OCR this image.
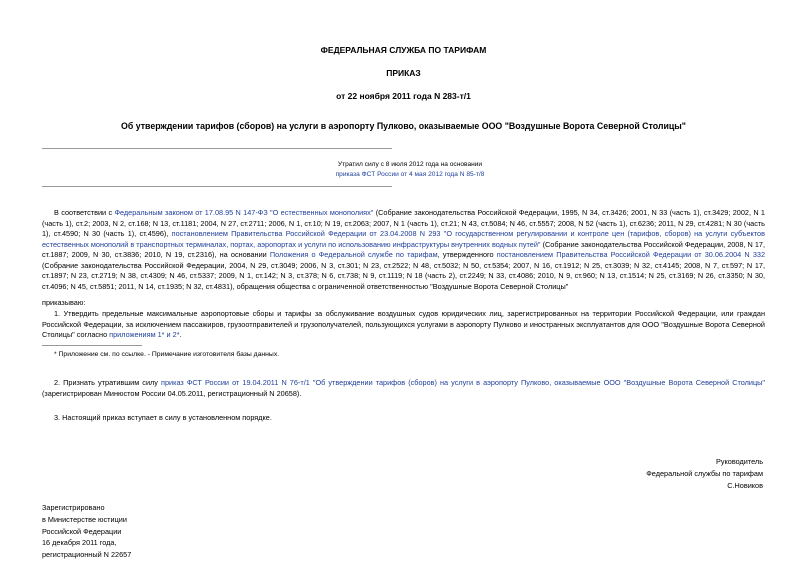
ФЕДЕРАЛЬНАЯ СЛУЖБА ПО ТАРИФАМ
ПРИКАЗ
от 22 ноября 2011 года N 283-т/1
Об утверждении тарифов (сборов) на услуги в аэропорту Пулково, оказываемые ООО "Воздушные Ворота Северной Столицы"
Утратил силу с 8 июля 2012 года на основании
приказа ФСТ России от 4 мая 2012 года N 85-т/8
В соответствии с Федеральным законом от 17.08.95 N 147-ФЗ "О естественных монополиях" (Собрание законодательства Российской Федерации, 1995, N 34, ст.3426; 2001, N 33 (часть 1), ст.3429; 2002, N 1 (часть 1), ст.2; 2003, N 2, ст.168; N 13, ст.1181; 2004, N 27, ст.2711; 2006, N 1, ст.10; N 19, ст.2063; 2007, N 1 (часть 1), ст.21; N 43, ст.5084; N 46, ст.5557; 2008, N 52 (часть 1), ст.6236; 2011, N 29, ст.4281; N 30 (часть 1), ст.4590; N 30 (часть 1), ст.4596), постановлением Правительства Российской Федерации от 23.04.2008 N 293 "О государственном регулировании и контроле цен (тарифов, сборов) на услуги субъектов естественных монополий в транспортных терминалах, портах, аэропортах и услуги по использованию инфраструктуры внутренних водных путей" (Собрание законодательства Российской Федерации, 2008, N 17, ст.1887; 2009, N 30, ст.3836; 2010, N 19, ст.2316), на основании Положения о Федеральной службе по тарифам, утвержденного постановлением Правительства Российской Федерации от 30.06.2004 N 332 (Собрание законодательства Российской Федерации, 2004, N 29, ст.3049; 2006, N 3, ст.301; N 23, ст.2522; N 48, ст.5032; N 50, ст.5354; 2007, N 16, ст.1912; N 25, ст.3039; N 32, ст.4145; 2008, N 7, ст.597; N 17, ст.1897; N 23, ст.2719; N 38, ст.4309; N 46, ст.5337; 2009, N 1, ст.142; N 3, ст.378; N 6, ст.738; N 9, ст.1119; N 18 (часть 2), ст.2249; N 33, ст.4086; 2010, N 9, ст.960; N 13, ст.1514; N 25, ст.3169; N 26, ст.3350; N 30, ст.4096; N 45, ст.5851; 2011, N 14, ст.1935; N 32, ст.4831), обращения общества с ограниченной ответственностью "Воздушные Ворота Северной Столицы"
приказываю:
1. Утвердить предельные максимальные аэропортовые сборы и тарифы за обслуживание воздушных судов юридических лиц, зарегистрированных на территории Российской Федерации, или граждан Российской Федерации, за исключением пассажиров, грузоотправителей и грузополучателей, пользующихся услугами в аэропорту Пулково и иностранных эксплуатантов для ООО "Воздушные Ворота Северной Столицы" согласно приложениям 1* и 2*.
* Приложение см. по ссылке. - Примечание изготовителя базы данных.
2. Признать утратившим силу приказ ФСТ России от 19.04.2011 N 76-т/1 "Об утверждении тарифов (сборов) на услуги в аэропорту Пулково, оказываемые ООО "Воздушные Ворота Северной Столицы" (зарегистрирован Минюстом России 04.05.2011, регистрационный N 20658).
3. Настоящий приказ вступает в силу в установленном порядке.
Руководитель
Федеральной службы по тарифам
С.Новиков
Зарегистрировано
в Министерстве юстиции
Российской Федерации
16 декабря 2011 года,
регистрационный N 22657
